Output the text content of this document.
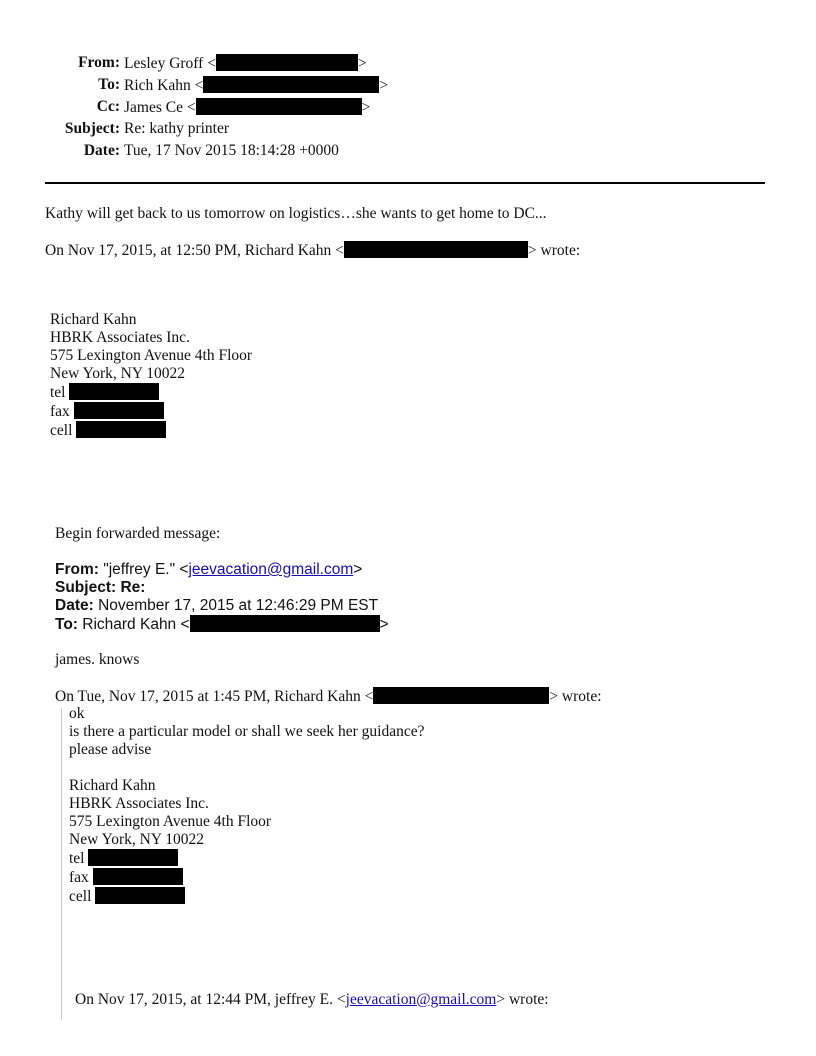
From: Lesley Groff <	>
To: Rich Kahn <	>
Cc: James Ce <	>
Subject: Re: kathy printer
Date: Tue, 17 Nov 2015 18:14:28 +0000
Kathy will get back to us tomorrow on logistics…she wants to get home to DC...
On Nov 17, 2015, at 12:50 PM, Richard Kahn <	> wrote:
Richard Kahn
HBRK Associates Inc.
575 Lexington Avenue 4th Floor
New York, NY 10022
tel
fax
cell
Begin forwarded message:
From: "jeffrey E." <jeevacation@gmail.com>
Subject: Re:
Date: November 17, 2015 at 12:46:29 PM EST
To: Richard Kahn <	>
james. knows
On Tue, Nov 17, 2015 at 1:45 PM, Richard Kahn <	> wrote:
ok
is there a particular model or shall we seek her guidance?
please advise
Richard Kahn
HBRK Associates Inc.
575 Lexington Avenue 4th Floor
New York, NY 10022
tel
fax
cell
On Nov 17, 2015, at 12:44 PM, jeffrey E. <jeevacation@gmail.com> wrote:
